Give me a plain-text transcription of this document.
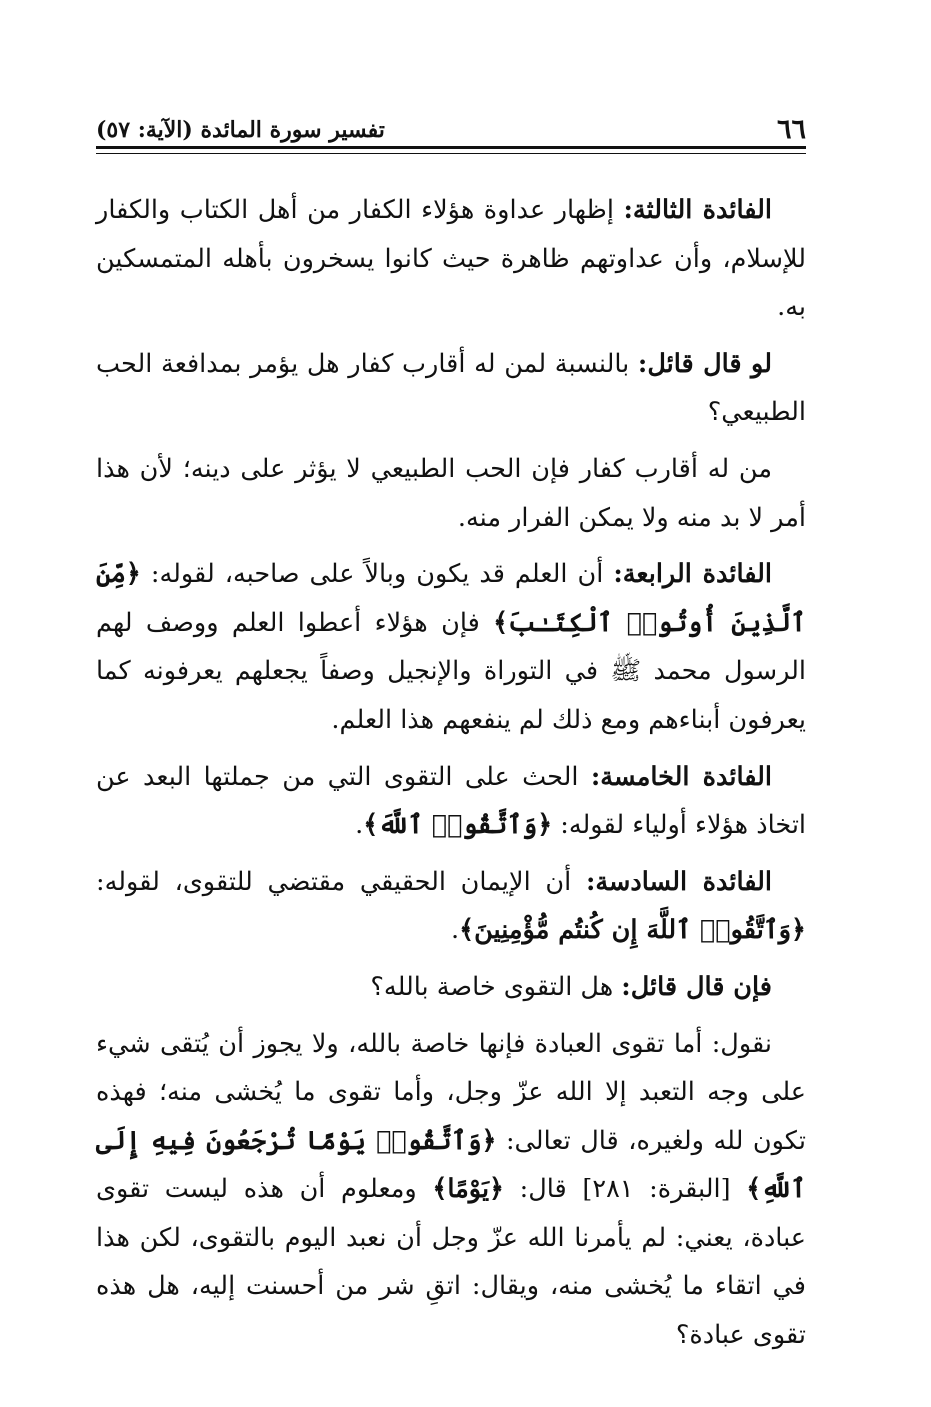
٦٦
تفسير سورة المائدة (الآية: ٥٧)

الفائدة الثالثة: إظهار عداوة هؤلاء الكفار من أهل الكتاب والكفار للإسلام، وأن عداوتهم ظاهرة حيث كانوا يسخرون بأهله المتمسكين به.

لو قال قائل: بالنسبة لمن له أقارب كفار هل يؤمر بمدافعة الحب الطبيعي؟

من له أقارب كفار فإن الحب الطبيعي لا يؤثر على دينه؛ لأن هذا أمر لا بد منه ولا يمكن الفرار منه.

الفائدة الرابعة: أن العلم قد يكون وبالاً على صاحبه، لقوله: ﴿مِّنَ ٱلَّذِينَ أُوتُوا۟ ٱلْكِتَـٰبَ﴾ فإن هؤلاء أعطوا العلم ووصف لهم الرسول محمد ﷺ في التوراة والإنجيل وصفاً يجعلهم يعرفونه كما يعرفون أبناءهم ومع ذلك لم ينفعهم هذا العلم.

الفائدة الخامسة: الحث على التقوى التي من جملتها البعد عن اتخاذ هؤلاء أولياء لقوله: ﴿وَٱتَّقُوا۟ ٱللَّهَ﴾.

الفائدة السادسة: أن الإيمان الحقيقي مقتضي للتقوى، لقوله: ﴿وَٱتَّقُوا۟ ٱللَّهَ إِن كُنتُم مُّؤْمِنِينَ﴾.

فإن قال قائل: هل التقوى خاصة بالله؟

نقول: أما تقوى العبادة فإنها خاصة بالله، ولا يجوز أن يُتقى شيء على وجه التعبد إلا الله عزّ وجل، وأما تقوى ما يُخشى منه؛ فهذه تكون لله ولغيره، قال تعالى: ﴿وَٱتَّقُوا۟ يَوْمًا تُرْجَعُونَ فِيهِ إِلَى ٱللَّهِ﴾ [البقرة: ٢٨١] قال: ﴿يَوْمًا﴾ ومعلوم أن هذه ليست تقوى عبادة، يعني: لم يأمرنا الله عزّ وجل أن نعبد اليوم بالتقوى، لكن هذا في اتقاء ما يُخشى منه، ويقال: اتقِ شر من أحسنت إليه، هل هذه تقوى عبادة؟
